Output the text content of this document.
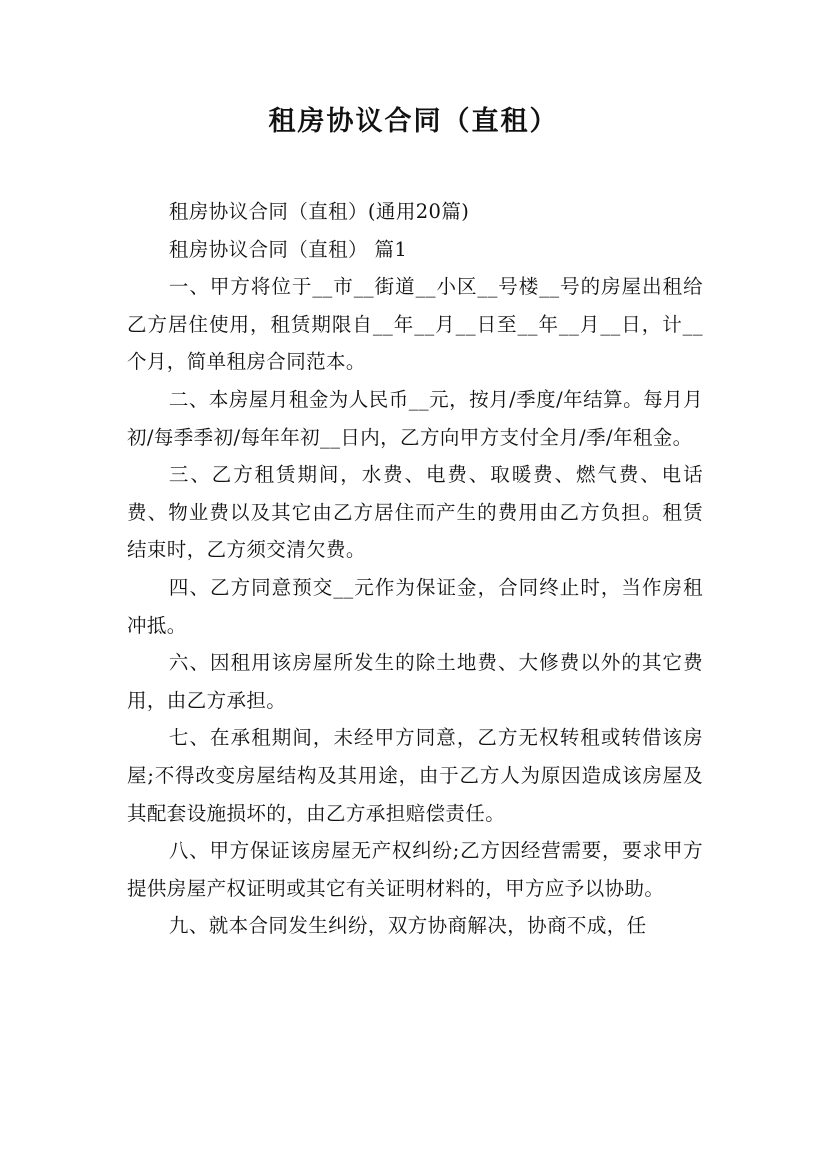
租房协议合同（直租）

租房协议合同（直租）(通用20篇)

租房协议合同（直租） 篇1

一、甲方将位于__市__街道__小区__号楼__号的房屋出租给乙方居住使用，租赁期限自__年__月__日至__年__月__日，计__个月，简单租房合同范本。

二、本房屋月租金为人民币__元，按月/季度/年结算。每月月初/每季季初/每年年初__日内，乙方向甲方支付全月/季/年租金。

三、乙方租赁期间，水费、电费、取暖费、燃气费、电话费、物业费以及其它由乙方居住而产生的费用由乙方负担。租赁结束时，乙方须交清欠费。

四、乙方同意预交__元作为保证金，合同终止时，当作房租冲抵。

六、因租用该房屋所发生的除土地费、大修费以外的其它费用，由乙方承担。

七、在承租期间，未经甲方同意，乙方无权转租或转借该房屋;不得改变房屋结构及其用途，由于乙方人为原因造成该房屋及其配套设施损坏的，由乙方承担赔偿责任。

八、甲方保证该房屋无产权纠纷;乙方因经营需要，要求甲方提供房屋产权证明或其它有关证明材料的，甲方应予以协助。

九、就本合同发生纠纷，双方协商解决，协商不成，任
